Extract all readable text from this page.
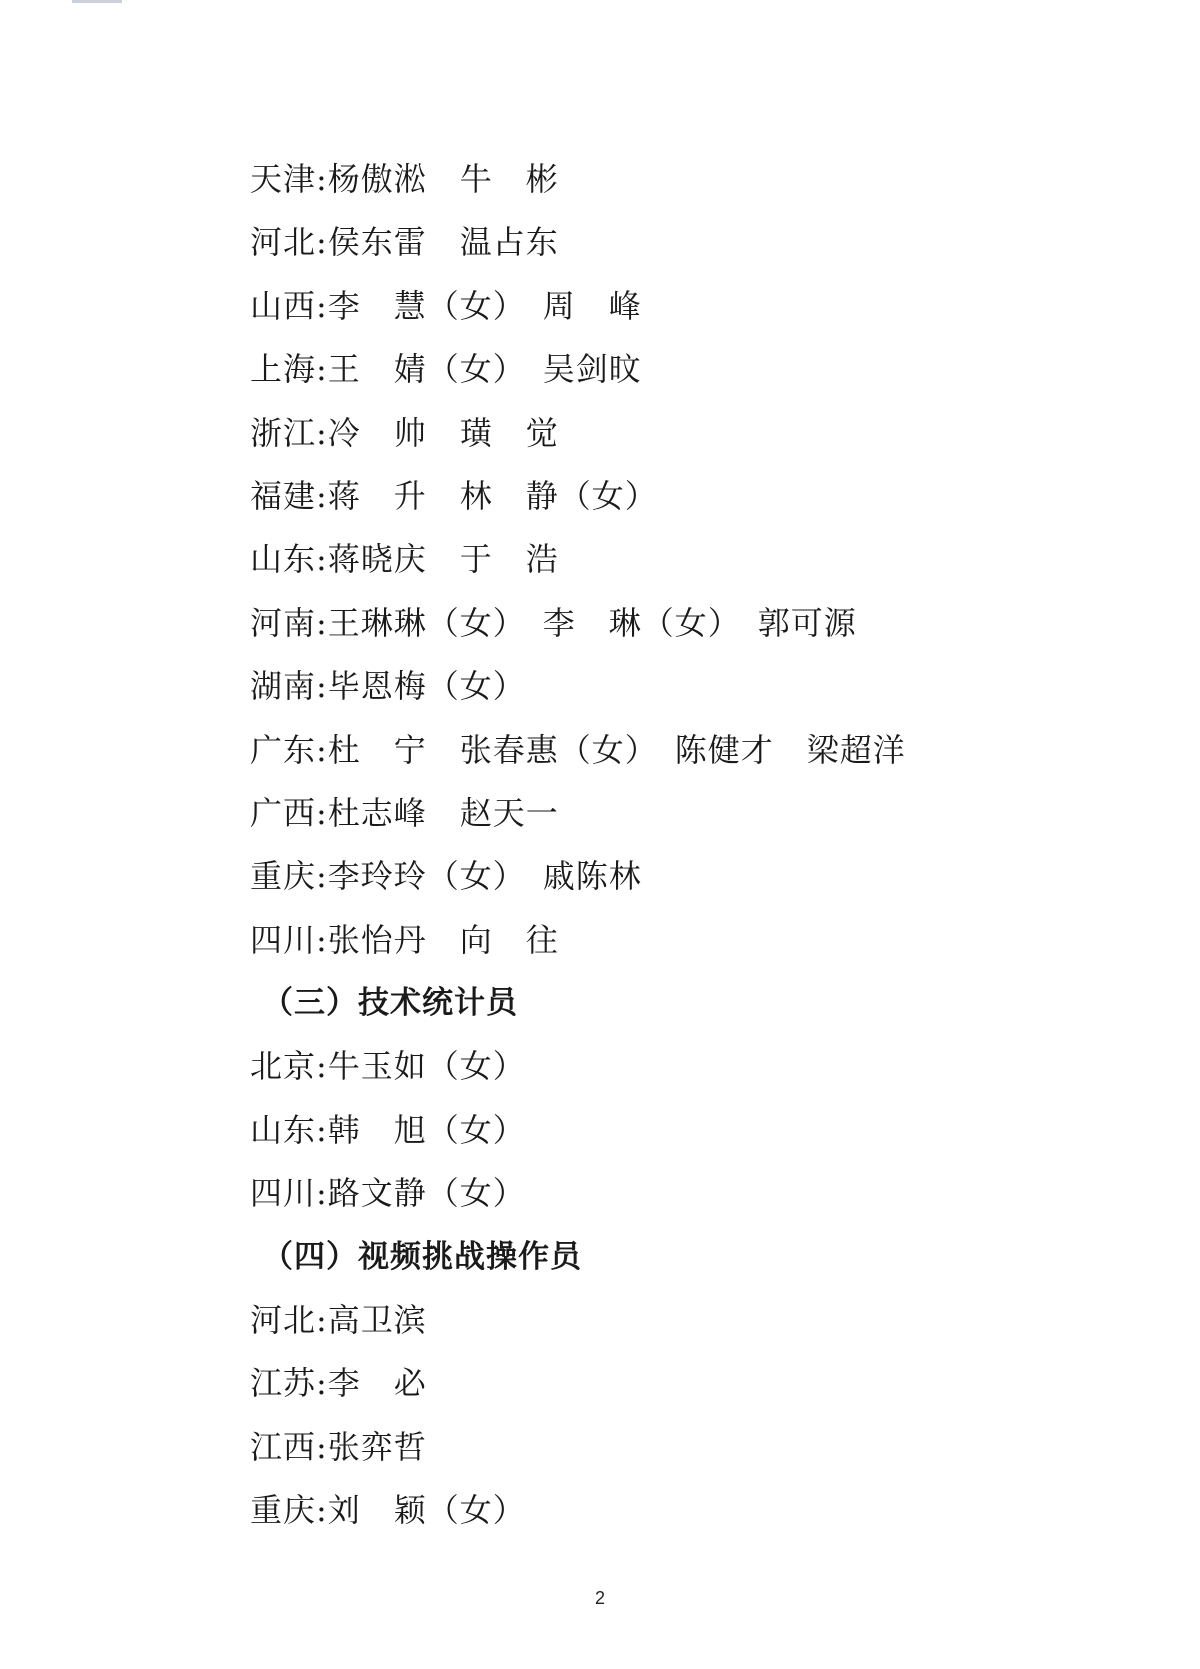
天津:杨傲淞　牛　彬
河北:侯东雷　温占东
山西:李　慧（女）　周　峰
上海:王　婧（女）　吴剑旼
浙江:冷　帅　璜　觉
福建:蒋　升　林　静（女）
山东:蒋晓庆　于　浩
河南:王琳琳（女）　李　琳（女）　郭可源
湖南:毕恩梅（女）
广东:杜　宁　张春惠（女）　陈健才　梁超洋
广西:杜志峰　赵天一
重庆:李玲玲（女）　戚陈林
四川:张怡丹　向　往
（三）技术统计员
北京:牛玉如（女）
山东:韩　旭（女）
四川:路文静（女）
（四）视频挑战操作员
河北:高卫滨
江苏:李　必
江西:张弈哲
重庆:刘　颖（女）
2
